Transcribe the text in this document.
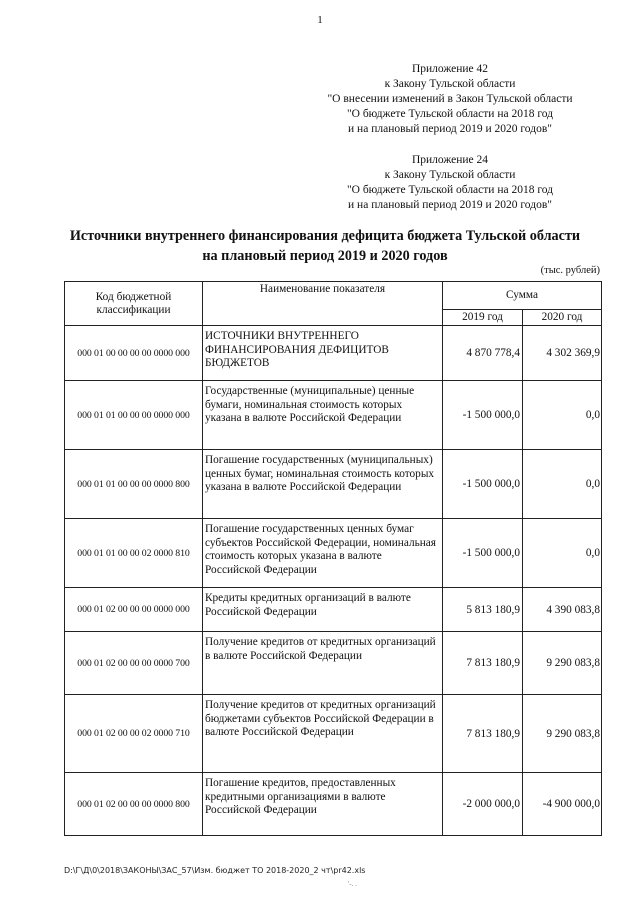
1
Приложение 42
к Закону Тульской области
"О внесении изменений в Закон Тульской области
"О бюджете Тульской области на 2018 год
и на плановый период 2019 и 2020 годов"
Приложение 24
к Закону Тульской области
"О бюджете Тульской области на 2018 год
и на плановый период 2019 и 2020 годов"
Источники внутреннего финансирования дефицита бюджета Тульской области
на плановый период 2019 и 2020 годов
(тыс. рублей)
Код бюджетной
классификации	Наименование показателя	Сумма	
		2019 год	2020 год
000 01 00 00 00 00 0000 000	ИСТОЧНИКИ ВНУТРЕННЕГО ФИНАНСИРОВАНИЯ ДЕФИЦИТОВ БЮДЖЕТОВ	4 870 778,4	4 302 369,9
000 01 01 00 00 00 0000 000	Государственные (муниципальные) ценные бумаги, номинальная стоимость которых указана в валюте Российской Федерации	-1 500 000,0	0,0
000 01 01 00 00 00 0000 800	Погашение государственных (муниципальных) ценных бумаг, номинальная стоимость которых указана в валюте Российской Федерации	-1 500 000,0	0,0
000 01 01 00 00 02 0000 810	Погашение государственных ценных бумаг субъектов Российской Федерации, номинальная стоимость которых указана в валюте Российской Федерации	-1 500 000,0	0,0
000 01 02 00 00 00 0000 000	Кредиты кредитных организаций в валюте Российской Федерации	5 813 180,9	4 390 083,8
000 01 02 00 00 00 0000 700	Получение кредитов от кредитных организаций в валюте Российской Федерации	7 813 180,9	9 290 083,8
000 01 02 00 00 02 0000 710	Получение кредитов от кредитных организаций бюджетами субъектов Российской Федерации в валюте Российской Федерации	7 813 180,9	9 290 083,8
000 01 02 00 00 00 0000 800	Погашение кредитов, предоставленных кредитными организациями в валюте Российской Федерации	-2 000 000,0	-4 900 000,0
D:\Г\Д\0\2018\ЗАКОНЫ\ЗАС_57\Изм. бюджет ТО 2018-2020_2 чт\pr42.xls
'-. .
